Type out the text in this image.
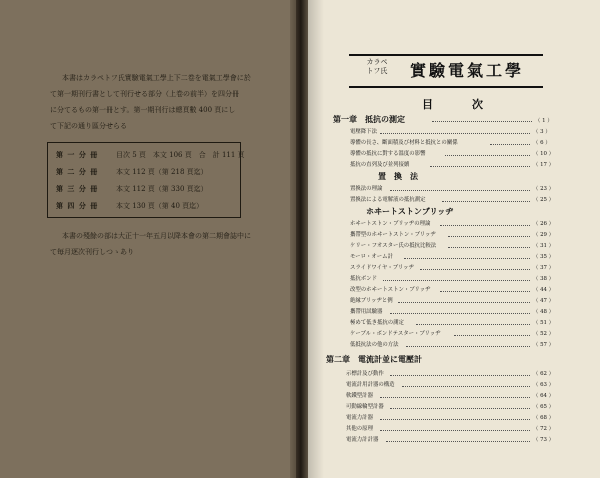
本書はカラペトフ氏實驗電氣工學上下二卷を電氣工學會に於
て第一期刊行書として刊行せる部分（上卷の前半）を四分冊
に分てるもの第一冊とす。第一期刊行は總頁數 400 頁にし
て下記の通り區分せらる
第 一 分 冊	目次 5 頁　本文 106 頁　合　計 111 頁
第 二 分 冊	本文 112 頁（第 218 頁迄）
第 三 分 冊	本文 112 頁（第 330 頁迄）
第 四 分 冊	本文 130 頁（第 40 頁迄）
本書の殘餘の部は大正十一年五月以降本會の第二期會誌中に
て毎月逐次刊行しつゝあり
カラペ
トフ氏	實驗電氣工學
目　次
第一章　抵抗の測定	（ 1 ）
電壓降下法	（ 3 ）
導體の長さ、斷面積及び材料と抵抗との關係	（ 6 ）
導體の抵抗に對する溫度の影響	（ 10 ）
抵抗の直列及び並列接續	（ 17 ）
置　換　法
置換法の理論	（ 23 ）
置換法による電解液の抵抗測定	（ 25 ）
ホヰートストンブリッヂ
ホヰートストン・ブリッヂの理論	（ 26 ）
攜帶型のホヰートストン・ブリッヂ	（ 29 ）
ケリー・フオスター氏の抵抗比較法	（ 31 ）
モーロ・オーム計	（ 35 ）
スライドワイヤ・ブリッヂ	（ 37 ）
抵抗ボンド	（ 38 ）
改型のホヰートストン・ブリッヂ	（ 44 ）
絶縁ブリッヂと例	（ 47 ）
攜帶用試驗器	（ 48 ）
極めて低き抵抗の測定	（ 51 ）
ケーブル・ボンドテスター・ブリッヂ	（ 52 ）
低抵抗法の他の方法	（ 57 ）
第二章　電流計並に電壓計
示標計及び動作	（ 62 ）
電流計用計器の構造	（ 63 ）
軟鐵型計器	（ 64 ）
可動線輪型計器	（ 65 ）
電流力計器	（ 68 ）
其他の原理	（ 72 ）
電流力計計器	（ 73 ）
